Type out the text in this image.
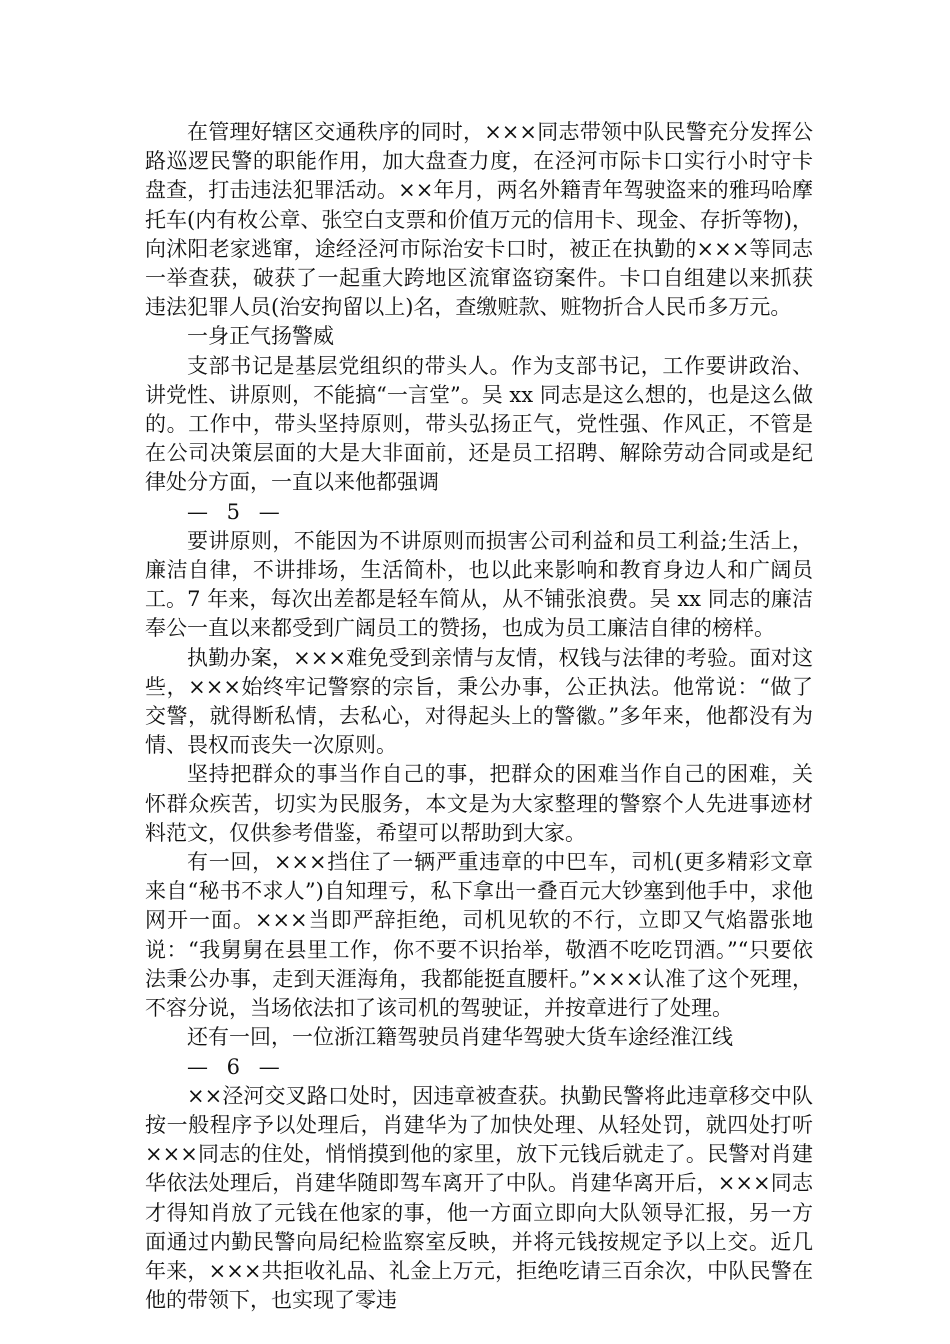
在管理好辖区交通秩序的同时，×××同志带领中队民警充分发挥公路巡逻民警的职能作用，加大盘查力度，在泾河市际卡口实行小时守卡盘查，打击违法犯罪活动。××年月，两名外籍青年驾驶盗来的雅玛哈摩托车(内有枚公章、张空白支票和价值万元的信用卡、现金、存折等物)，向沭阳老家逃窜，途经泾河市际治安卡口时，被正在执勤的×××等同志一举查获，破获了一起重大跨地区流窜盗窃案件。卡口自组建以来抓获违法犯罪人员(治安拘留以上)名，查缴赃款、赃物折合人民币多万元。

一身正气扬警威

支部书记是基层党组织的带头人。作为支部书记，工作要讲政治、讲党性、讲原则，不能搞“一言堂”。吴 xx 同志是这么想的，也是这么做的。工作中，带头坚持原则，带头弘扬正气，党性强、作风正，不管是在公司决策层面的大是大非面前，还是员工招聘、解除劳动合同或是纪律处分方面，一直以来他都强调

— 5 —

要讲原则，不能因为不讲原则而损害公司利益和员工利益;生活上，廉洁自律，不讲排场，生活简朴，也以此来影响和教育身边人和广阔员工。7 年来，每次出差都是轻车简从，从不铺张浪费。吴 xx 同志的廉洁奉公一直以来都受到广阔员工的赞扬，也成为员工廉洁自律的榜样。

执勤办案，×××难免受到亲情与友情，权钱与法律的考验。面对这些，×××始终牢记警察的宗旨，秉公办事，公正执法。他常说：“做了交警，就得断私情，去私心，对得起头上的警徽。”多年来，他都没有为情、畏权而丧失一次原则。

坚持把群众的事当作自己的事，把群众的困难当作自己的困难，关怀群众疾苦，切实为民服务，本文是为大家整理的警察个人先进事迹材料范文，仅供参考借鉴，希望可以帮助到大家。

有一回，×××挡住了一辆严重违章的中巴车，司机(更多精彩文章来自“秘书不求人”)自知理亏，私下拿出一叠百元大钞塞到他手中，求他网开一面。×××当即严辞拒绝，司机见软的不行，立即又气焰嚣张地说：“我舅舅在县里工作，你不要不识抬举，敬酒不吃吃罚酒。”“只要依法秉公办事，走到天涯海角，我都能挺直腰杆。”×××认准了这个死理，不容分说，当场依法扣了该司机的驾驶证，并按章进行了处理。

还有一回，一位浙江籍驾驶员肖建华驾驶大货车途经淮江线

— 6 —

××泾河交叉路口处时，因违章被查获。执勤民警将此违章移交中队按一般程序予以处理后，肖建华为了加快处理、从轻处罚，就四处打听×××同志的住处，悄悄摸到他的家里，放下元钱后就走了。民警对肖建华依法处理后，肖建华随即驾车离开了中队。肖建华离开后，×××同志才得知肖放了元钱在他家的事，他一方面立即向大队领导汇报，另一方面通过内勤民警向局纪检监察室反映，并将元钱按规定予以上交。近几年来，×××共拒收礼品、礼金上万元，拒绝吃请三百余次，中队民警在他的带领下，也实现了零违
